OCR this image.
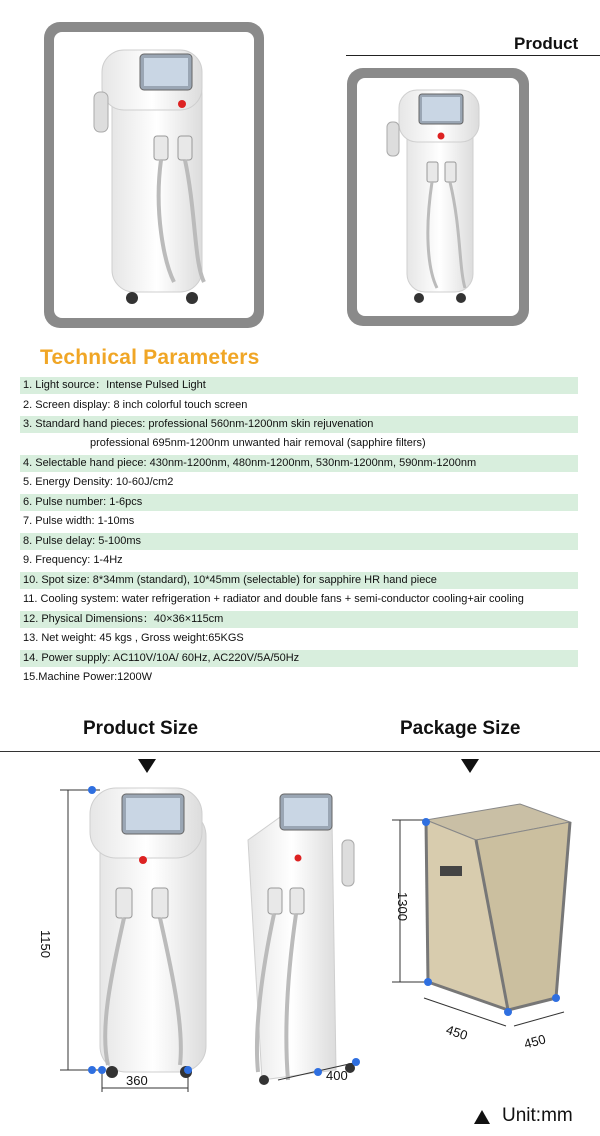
Product
Technical Parameters
1. Light source：Intense Pulsed Light
2. Screen display: 8 inch colorful touch screen
3. Standard hand pieces: professional 560nm-1200nm skin rejuvenation
professional 695nm-1200nm unwanted hair removal (sapphire filters)
4. Selectable hand piece: 430nm-1200nm, 480nm-1200nm, 530nm-1200nm, 590nm-1200nm
5. Energy Density: 10-60J/cm2
6. Pulse number: 1-6pcs
7. Pulse width: 1-10ms
8. Pulse delay: 5-100ms
9. Frequency: 1-4Hz
10. Spot size: 8*34mm (standard), 10*45mm (selectable) for sapphire HR hand piece
11. Cooling system: water refrigeration + radiator and double fans + semi-conductor cooling+air cooling
12. Physical Dimensions：40×36×115cm
13. Net weight: 45 kgs , Gross weight:65KGS
14. Power supply: AC110V/10A/ 60Hz, AC220V/5A/50Hz
15.Machine Power:1200W
Product Size	Package Size
1150
360	400
1300
450	450
Unit:mm
